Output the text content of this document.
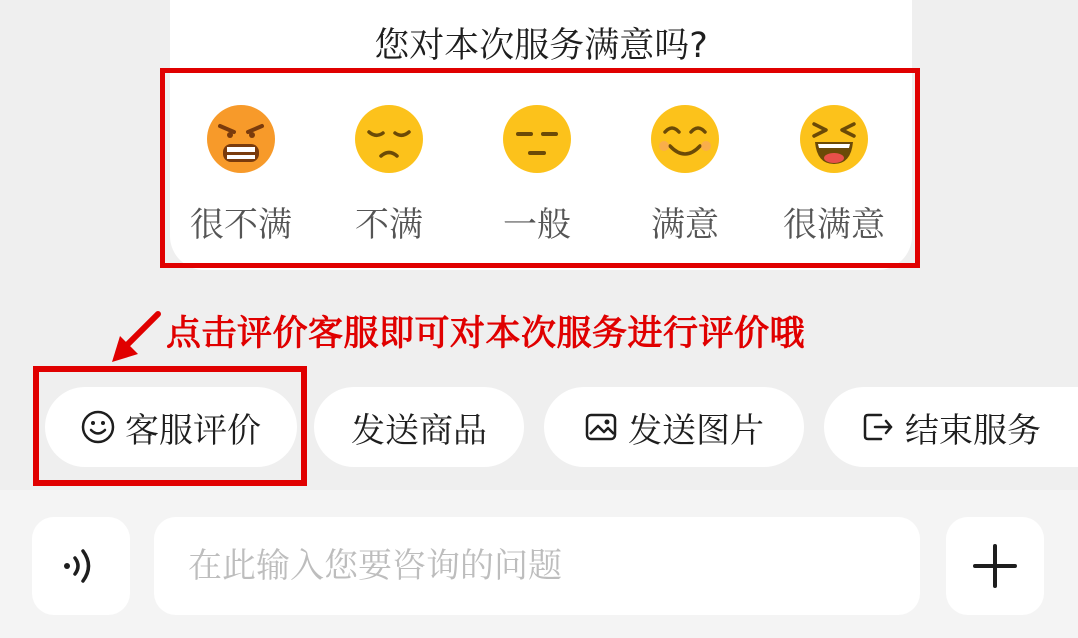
您对本次服务满意吗?
很不满 不满 一般 满意 很满意
点击评价客服即可对本次服务进行评价哦
客服评价	发送商品	发送图片	结束服务
在此输入您要咨询的问题
